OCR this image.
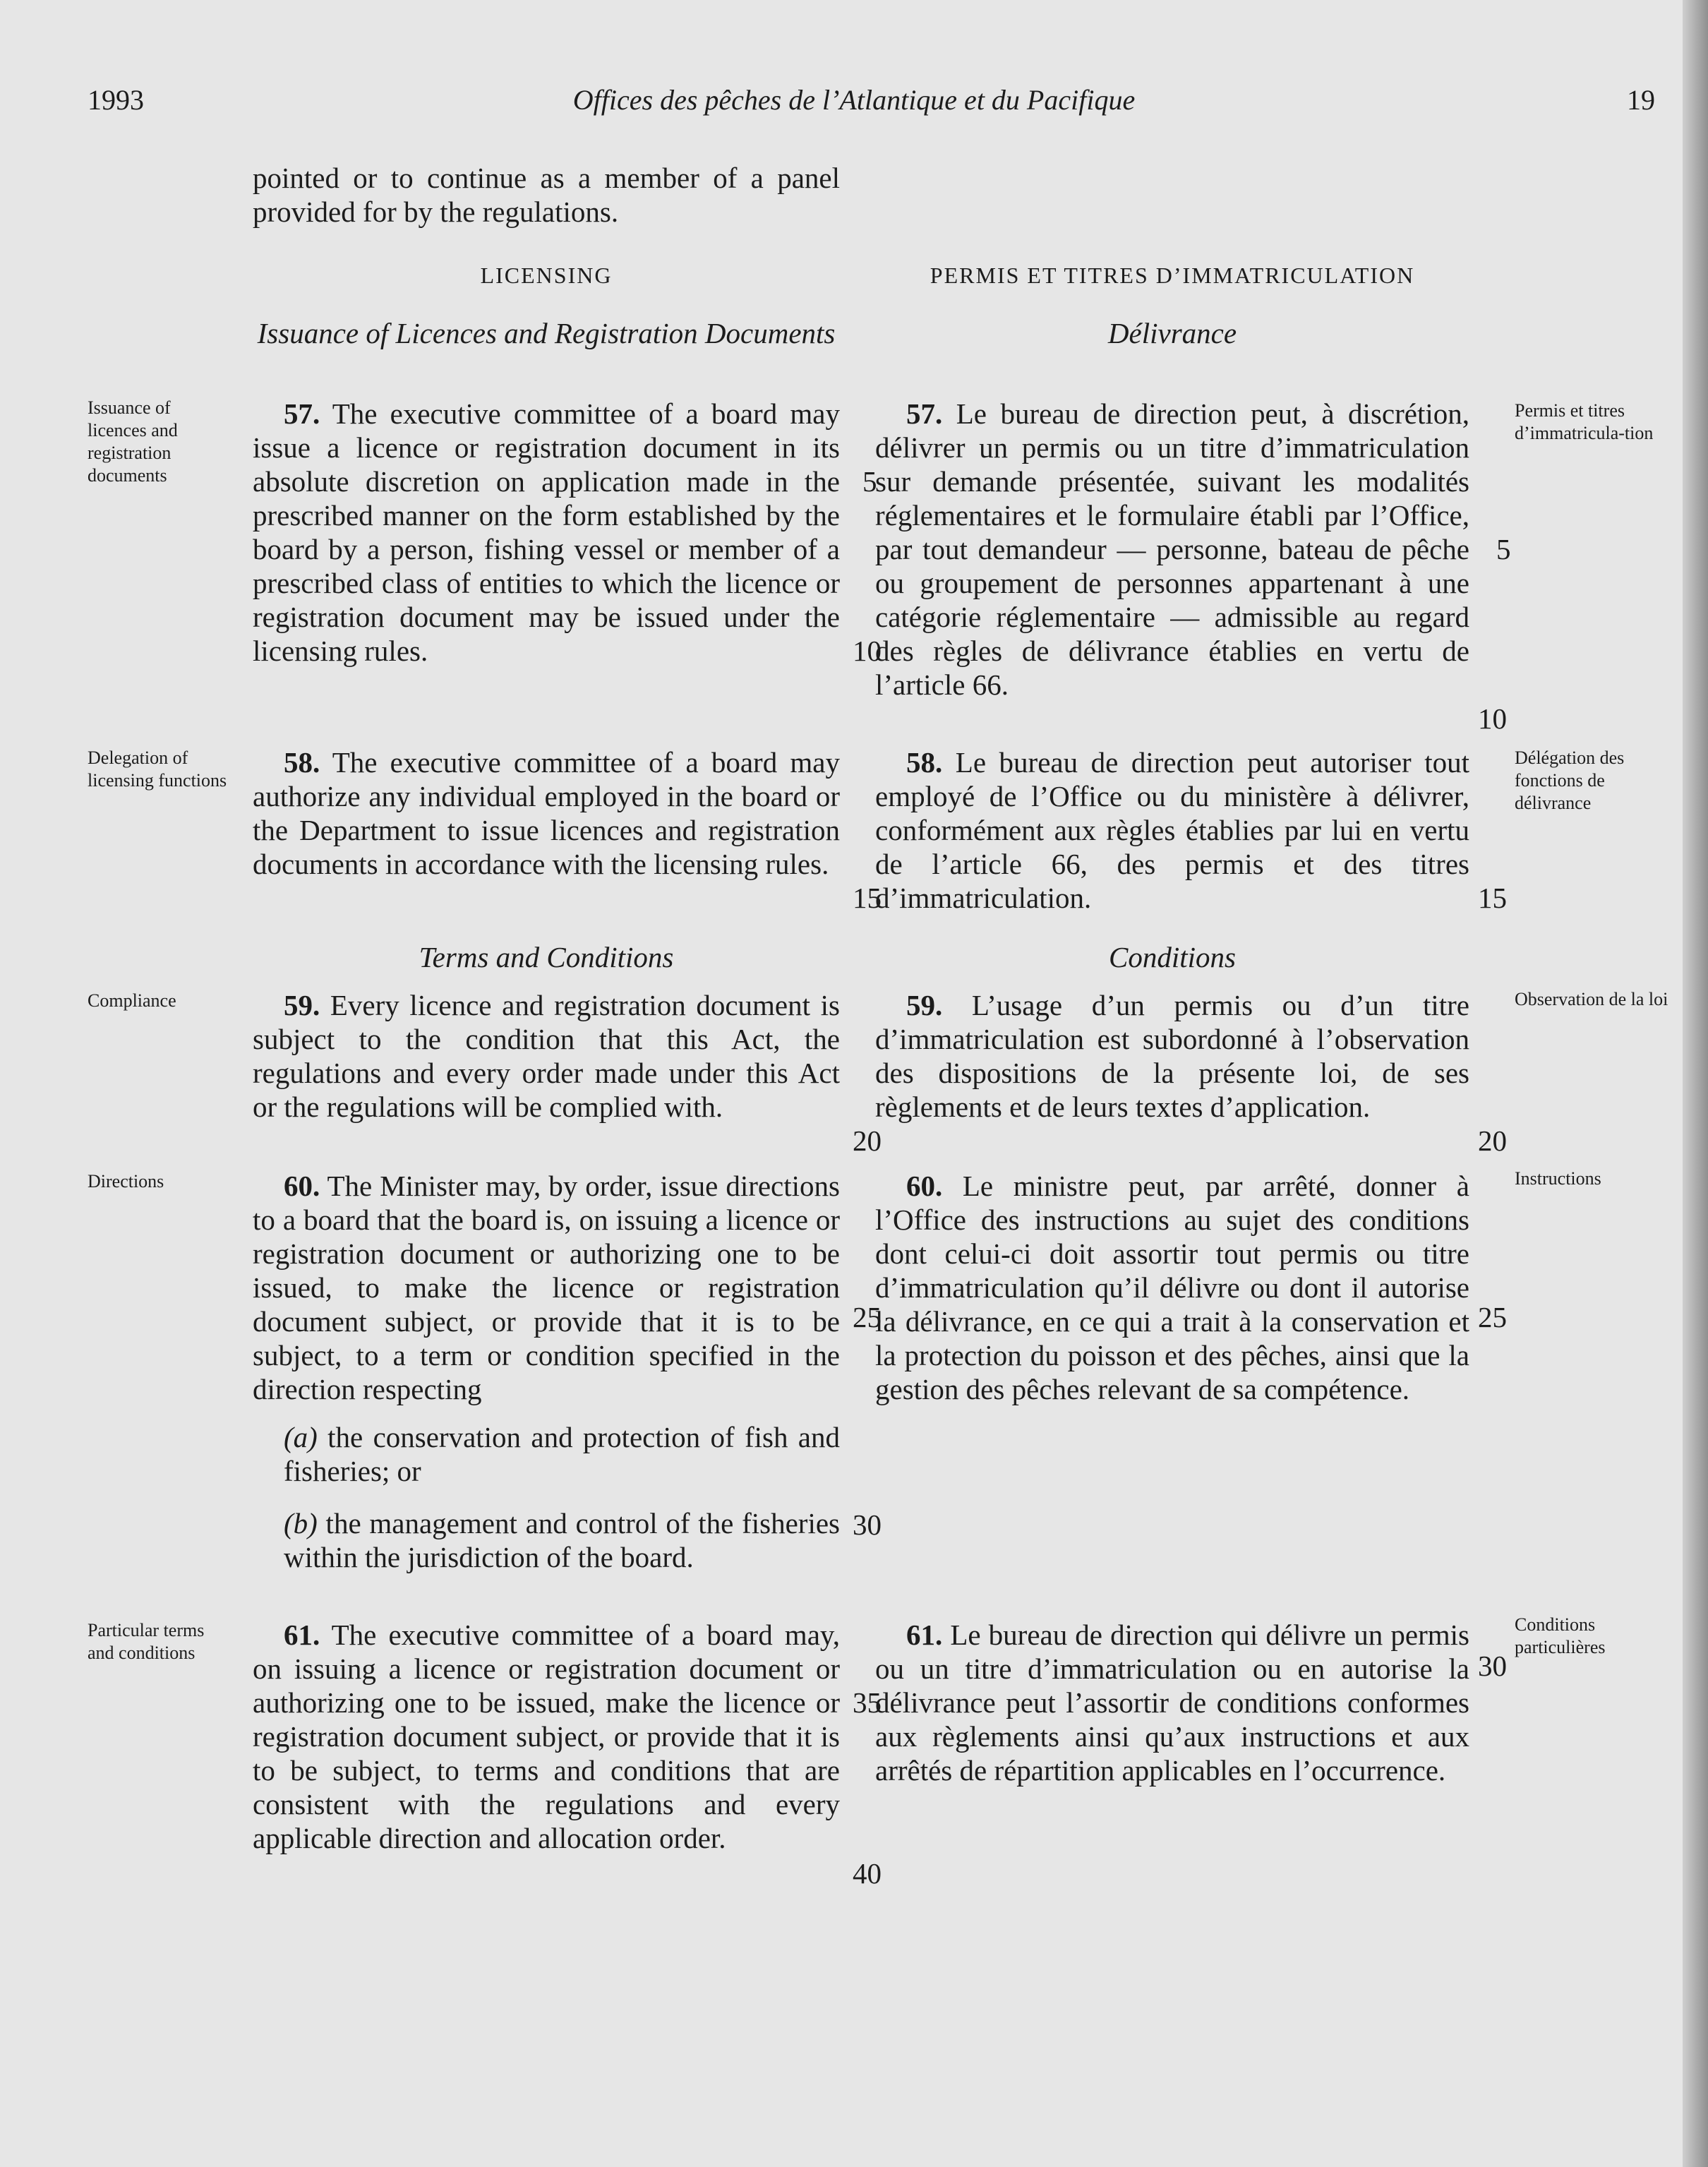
1993	Offices des pêches de l’Atlantique et du Pacifique	19
pointed or to continue as a member of a panel provided for by the regulations.
LICENSING
Issuance of Licences and Registration Documents

57. The executive committee of a board may issue a licence or registration document in its absolute discretion on application made in the prescribed manner on the form established by the board by a person, fishing vessel or member of a prescribed class of entities to which the licence or registration document may be issued under the licensing rules.

58. The executive committee of a board may authorize any individual employed in the board or the Department to issue licences and registration documents in accordance with the licensing rules.

Terms and Conditions

59. Every licence and registration document is subject to the condition that this Act, the regulations and every order made under this Act or the regulations will be complied with.

60. The Minister may, by order, issue directions to a board that the board is, on issuing a licence or registration document or authorizing one to be issued, to make the licence or registration document subject, or provide that it is to be subject, to a term or condition specified in the direction respecting

(a) the conservation and protection of fish and fisheries; or

(b) the management and control of the fisheries within the jurisdiction of the board.

61. The executive committee of a board may, on issuing a licence or registration document or authorizing one to be issued, make the licence or registration document subject, or provide that it is to be subject, to terms and conditions that are consistent with the regulations and every applicable direction and allocation order.

PERMIS ET TITRES D’IMMATRICULATION
Délivrance

57. Le bureau de direction peut, à discrétion, délivrer un permis ou un titre d’immatriculation sur demande présentée, suivant les modalités réglementaires et le formulaire établi par l’Office, par tout demandeur — personne, bateau de pêche ou groupement de personnes appartenant à une catégorie réglementaire — admissible au regard des règles de délivrance établies en vertu de l’article 66.

58. Le bureau de direction peut autoriser tout employé de l’Office ou du ministère à délivrer, conformément aux règles établies par lui en vertu de l’article 66, des permis et des titres d’immatriculation.

Conditions

59. L’usage d’un permis ou d’un titre d’immatriculation est subordonné à l’observation des dispositions de la présente loi, de ses règlements et de leurs textes d’application.

60. Le ministre peut, par arrêté, donner à l’Office des instructions au sujet des conditions dont celui-ci doit assortir tout permis ou titre d’immatriculation qu’il délivre ou dont il autorise la délivrance, en ce qui a trait à la conservation et la protection du poisson et des pêches, ainsi que la gestion des pêches relevant de sa compétence.

61. Le bureau de direction qui délivre un permis ou un titre d’immatriculation ou en autorise la délivrance peut l’assortir de conditions conformes aux règlements ainsi qu’aux instructions et aux arrêtés de répartition applicables en l’occurrence.

Issuance of licences and registration documents
Delegation of licensing functions
Compliance
Directions
Particular terms and conditions
Permis et titres d’immatricula-tion
Délégation des fonctions de délivrance
Observation de la loi
Instructions
Conditions particulières
5
10
15
20
25
30
35
40
5
10
15
20
25
30
